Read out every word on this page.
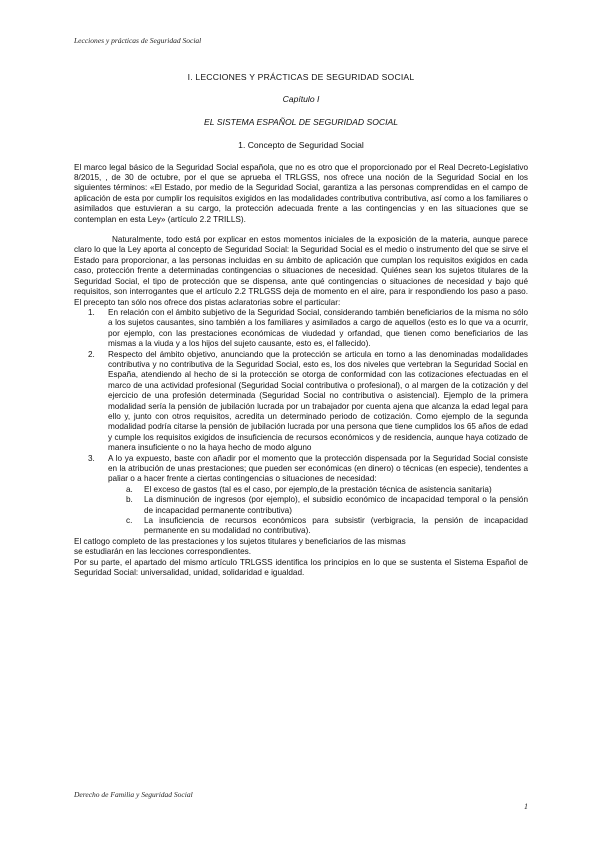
Lecciones y prácticas de Seguridad Social

I. LECCIONES Y PRÁCTICAS DE SEGURIDAD SOCIAL

Capítulo I

EL SISTEMA ESPAÑOL DE SEGURIDAD SOCIAL

1. Concepto de Seguridad Social

El marco legal básico de la Seguridad Social española, que no es otro que el proporcionado por el Real Decreto-Legislativo 8/2015, , de 30 de octubre, por el que se aprueba el TRLGSS, nos ofrece una noción de la Seguridad Social en los siguientes términos: «El Estado, por medio de la Seguridad Social, garantiza a las personas comprendidas en el campo de aplicación de esta por cumplir los requisitos exigidos en las modalidades contributiva contributiva, así como a los familiares o asimilados que estuvieran a su cargo, la protección adecuada frente a las contingencias y en las situaciones que se contemplan en esta Ley» (artículo 2.2 TRILLS).

Naturalmente, todo está por explicar en estos momentos iniciales de la exposición de la materia, aunque parece claro lo que la Ley aporta al concepto de Seguridad Social: la Seguridad Social es el medio o instrumento del que se sirve el Estado para proporcionar, a las personas incluidas en su ámbito de aplicación que cumplan los requisitos exigidos en cada caso, protección frente a determinadas contingencias o situaciones de necesidad. Quiénes sean los sujetos titulares de la Seguridad Social, el tipo de protección que se dispensa, ante qué contingencias o situaciones de necesidad y bajo qué requisitos, son interrogantes que el artículo 2.2 TRLGSS deja de momento en el aire, para ir respondiendo los paso a paso. El precepto tan sólo nos ofrece dos pistas aclaratorias sobre el particular:

1. En relación con el ámbito subjetivo de la Seguridad Social, considerando también beneficiarios de la misma no sólo a los sujetos causantes, sino también a los familiares y asimilados a cargo de aquellos (esto es lo que va a ocurrir, por ejemplo, con las prestaciones económicas de viudedad y orfandad, que tienen como beneficiarios de las mismas a la viuda y a los hijos del sujeto causante, esto es, el fallecido).
2. Respecto del ámbito objetivo, anunciando que la protección se articula en torno a las denominadas modalidades contributiva y no contributiva de la Seguridad Social, esto es, los dos niveles que vertebran la Seguridad Social en España, atendiendo al hecho de si la protección se otorga de conformidad con las cotizaciones efectuadas en el marco de una actividad profesional (Seguridad Social contributiva o profesional), o al margen de la cotización y del ejercicio de una profesión determinada (Seguridad Social no contributiva o asistencial). Ejemplo de la primera modalidad sería la pensión de jubilación lucrada por un trabajador por cuenta ajena que alcanza la edad legal para ello y, junto con otros requisitos, acredita un determinado periodo de cotización. Como ejemplo de la segunda modalidad podría citarse la pensión de jubilación lucrada por una persona que tiene cumplidos los 65 años de edad y cumple los requisitos exigidos de insuficiencia de recursos económicos y de residencia, aunque haya cotizado de manera insuficiente o no la haya hecho de modo alguno
3. A lo ya expuesto, baste con añadir por el momento que la protección dispensada por la Seguridad Social consiste en la atribución de unas prestaciones; que pueden ser económicas (en dinero) o técnicas (en especie), tendentes a paliar o a hacer frente a ciertas contingencias o situaciones de necesidad:
a. El exceso de gastos (tal es el caso, por ejemplo,de la prestación técnica de asistencia sanitaria)
b. La disminución de ingresos (por ejemplo), el subsidio económico de incapacidad temporal o la pensión de incapacidad permanente contributiva)
c. La insuficiencia de recursos económicos para subsistir (verbigracia, la pensión de incapacidad permanente en su modalidad no contributiva).

El catlogo completo de las prestaciones y los sujetos titulares y beneficiarios de las mismas

se estudiarán en las lecciones correspondientes.

Por su parte, el apartado del mismo artículo TRLGSS identifica los principios en lo que se sustenta el Sistema Español de Seguridad Social: universalidad, unidad, solidaridad e igualdad.

Derecho de Familia y Seguridad Social
1
